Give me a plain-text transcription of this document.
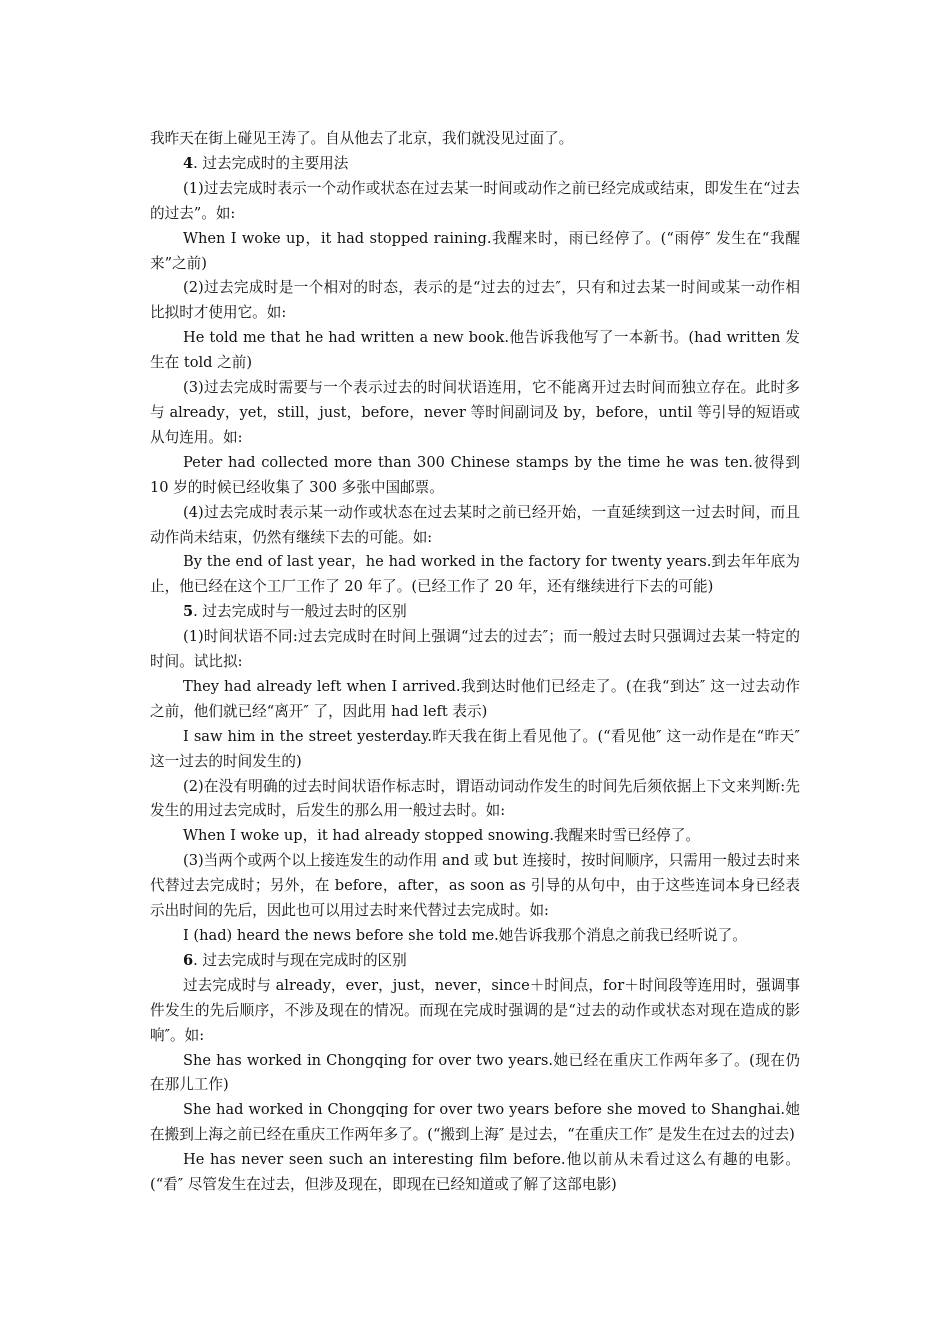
我昨天在街上碰见王涛了。自从他去了北京，我们就没见过面了。

4. 过去完成时的主要用法

(1)过去完成时表示一个动作或状态在过去某一时间或动作之前已经完成或结束，即发生在“过去的过去”。如:

When I woke up，it had stopped raining.我醒来时，雨已经停了。(“雨停″ 发生在“我醒来”之前)

(2)过去完成时是一个相对的时态，表示的是“过去的过去″，只有和过去某一时间或某一动作相比拟时才使用它。如:

He told me that he had written a new book.他告诉我他写了一本新书。(had written 发生在 told 之前)

(3)过去完成时需要与一个表示过去的时间状语连用，它不能离开过去时间而独立存在。此时多与 already，yet，still，just，before，never 等时间副词及 by，before，until 等引导的短语或从句连用。如:

Peter had collected more than 300 Chinese stamps by the time he was ten.彼得到 10 岁的时候已经收集了 300 多张中国邮票。

(4)过去完成时表示某一动作或状态在过去某时之前已经开始，一直延续到这一过去时间，而且动作尚未结束，仍然有继续下去的可能。如:

By the end of last year，he had worked in the factory for twenty years.到去年年底为止，他已经在这个工厂工作了 20 年了。(已经工作了 20 年，还有继续进行下去的可能)

5. 过去完成时与一般过去时的区别

(1)时间状语不同:过去完成时在时间上强调“过去的过去″；而一般过去时只强调过去某一特定的时间。试比拟:

They had already left when I arrived.我到达时他们已经走了。(在我“到达″ 这一过去动作之前，他们就已经“离开″ 了，因此用 had left 表示)

I saw him in the street yesterday.昨天我在街上看见他了。(“看见他″ 这一动作是在“昨天″ 这一过去的时间发生的)

(2)在没有明确的过去时间状语作标志时，谓语动词动作发生的时间先后须依据上下文来判断:先发生的用过去完成时，后发生的那么用一般过去时。如:

When I woke up，it had already stopped snowing.我醒来时雪已经停了。

(3)当两个或两个以上接连发生的动作用 and 或 but 连接时，按时间顺序，只需用一般过去时来代替过去完成时；另外，在 before，after，as soon as 引导的从句中，由于这些连词本身已经表示出时间的先后，因此也可以用过去时来代替过去完成时。如:

I (had) heard the news before she told me.她告诉我那个消息之前我已经听说了。

6. 过去完成时与现在完成时的区别

过去完成时与 already，ever，just，never，since＋时间点，for＋时间段等连用时，强调事件发生的先后顺序，不涉及现在的情况。而现在完成时强调的是“过去的动作或状态对现在造成的影响″。如:

She has worked in Chongqing for over two years.她已经在重庆工作两年多了。(现在仍在那儿工作)

She had worked in Chongqing for over two years before she moved to Shanghai.她在搬到上海之前已经在重庆工作两年多了。(“搬到上海″ 是过去，“在重庆工作″ 是发生在过去的过去)

He has never seen such an interesting film before.他以前从未看过这么有趣的电影。(“看″ 尽管发生在过去，但涉及现在，即现在已经知道或了解了这部电影)
